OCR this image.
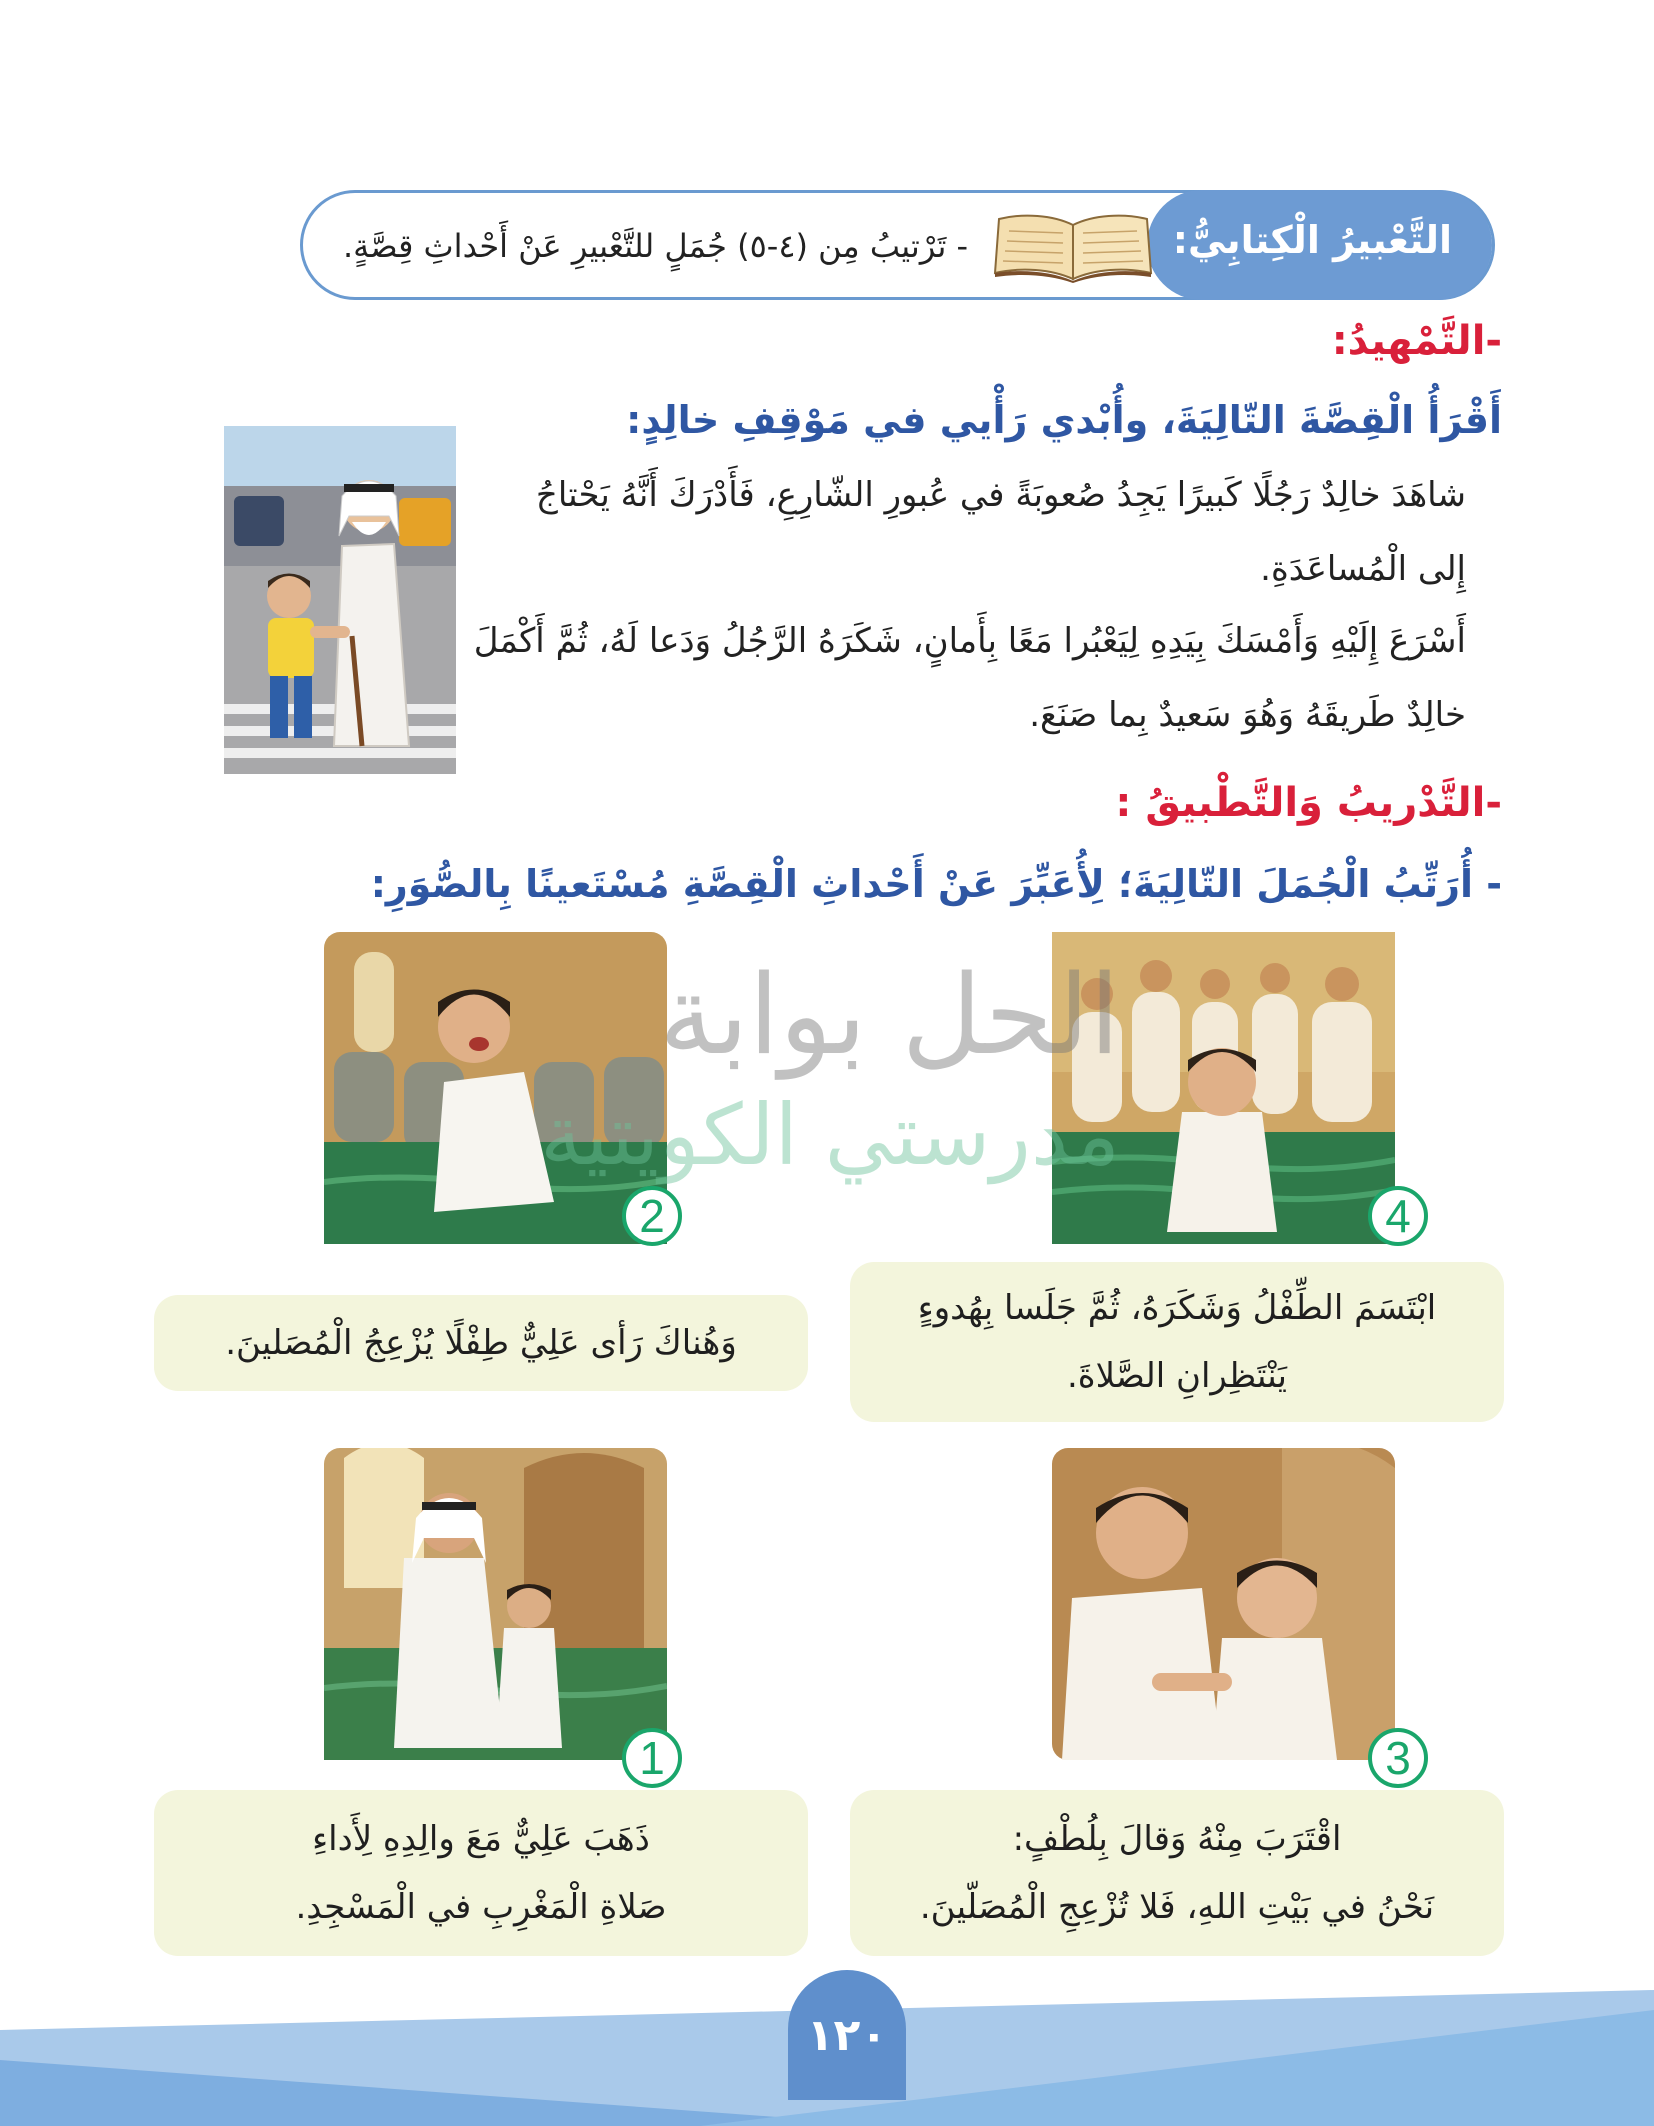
التَّعْبيرُ الْكِتابِيُّ:
- تَرْتيبُ مِن (٤-٥) جُمَلٍ للتَّعْبيرِ عَنْ أَحْداثِ قِصَّةٍ.
-التَّمْهيدُ:
أَقْرَأُ الْقِصَّةَ التّالِيَةَ، وأُبْدي رَأْيي في مَوْقِفِ خالِدٍ:
شاهَدَ خالِدٌ رَجُلًا كَبيرًا يَجِدُ صُعوبَةً في عُبورِ الشّارِعِ، فَأَدْرَكَ أَنَّهُ يَحْتاجُ
إِلى الْمُساعَدَةِ.
أَسْرَعَ إِلَيْهِ وَأَمْسَكَ بِيَدِهِ لِيَعْبُرا مَعًا بِأَمانٍ، شَكَرَهُ الرَّجُلُ وَدَعا لَهُ، ثُمَّ أَكْمَلَ
خالِدٌ طَريقَهُ وَهُوَ سَعيدٌ بِما صَنَعَ.
-التَّدْريبُ وَالتَّطْبيقُ :
- أُرَتِّبُ الْجُمَلَ التّالِيَةَ؛ لِأُعَبِّرَ عَنْ أَحْداثِ الْقِصَّةِ مُسْتَعينًا بِالصُّوَرِ:
4
2
3
1
ابْتَسَمَ الطِّفْلُ وَشَكَرَهُ، ثُمَّ جَلَسا بِهُدوءٍ
يَنْتَظِرانِ الصَّلاةَ.
وَهُناكَ رَأى عَلِيٌّ طِفْلًا يُزْعِجُ الْمُصَلينَ.
اقْتَرَبَ مِنْهُ وَقالَ بِلُطْفٍ:
نَحْنُ في بَيْتِ اللهِ، فَلا تُزْعِجِ الْمُصَلّينَ.
ذَهَبَ عَلِيٌّ مَعَ والِدِهِ لِأَداءِ
صَلاةِ الْمَغْرِبِ في الْمَسْجِدِ.
الحل بوابة
مدرستي الكويتية
١٢٠
